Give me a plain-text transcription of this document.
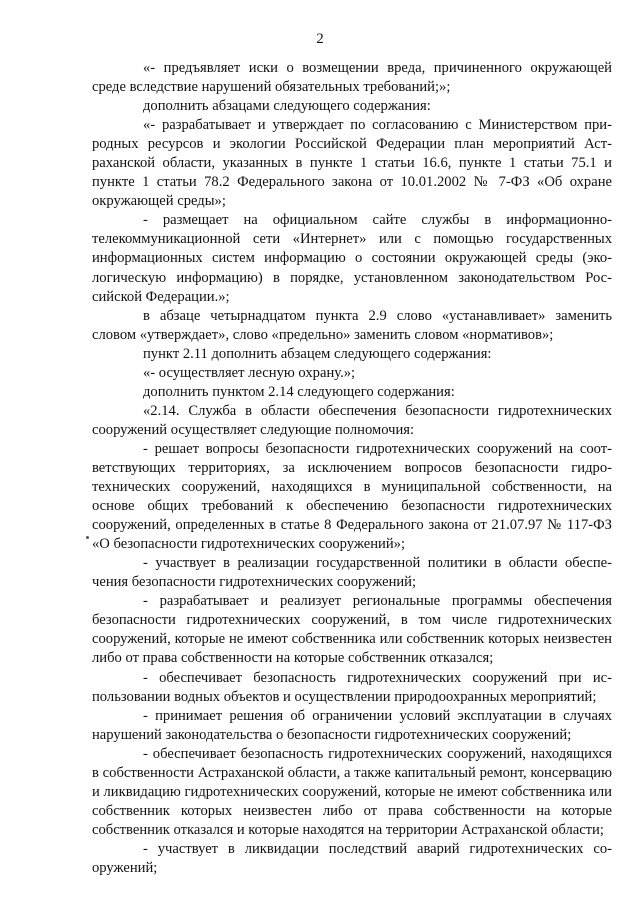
2

«- предъявляет иски о возмещении вреда, причиненного окружающей среде вследствие нарушений обязательных требований;»;

дополнить абзацами следующего содержания:

«- разрабатывает и утверждает по согласованию с Министерством природных ресурсов и экологии Российской Федерации план мероприятий Астраханской области, указанных в пункте 1 статьи 16.6, пункте 1 статьи 75.1 и пункте 1 статьи 78.2 Федерального закона от 10.01.2002 № 7-ФЗ «Об охране окружающей среды»;

- размещает на официальном сайте службы в информационно-телекоммуникационной сети «Интернет» или с помощью государственных информационных систем информацию о состоянии окружающей среды (экологическую информацию) в порядке, установленном законодательством Российской Федерации.»;

в абзаце четырнадцатом пункта 2.9 слово «устанавливает» заменить словом «утверждает», слово «предельно» заменить словом «нормативов»;

пункт 2.11 дополнить абзацем следующего содержания:

«- осуществляет лесную охрану.»;

дополнить пунктом 2.14 следующего содержания:

«2.14. Служба в области обеспечения безопасности гидротехнических сооружений осуществляет следующие полномочия:

- решает вопросы безопасности гидротехнических сооружений на соответствующих территориях, за исключением вопросов безопасности гидротехнических сооружений, находящихся в муниципальной собственности, на основе общих требований к обеспечению безопасности гидротехнических сооружений, определенных в статье 8 Федерального закона от 21.07.97 № 117-ФЗ «О безопасности гидротехнических сооружений»;

- участвует в реализации государственной политики в области обеспечения безопасности гидротехнических сооружений;

- разрабатывает и реализует региональные программы обеспечения безопасности гидротехнических сооружений, в том числе гидротехнических сооружений, которые не имеют собственника или собственник которых неизвестен либо от права собственности на которые собственник отказался;

- обеспечивает безопасность гидротехнических сооружений при использовании водных объектов и осуществлении природоохранных мероприятий;

- принимает решения об ограничении условий эксплуатации в случаях нарушений законодательства о безопасности гидротехнических сооружений;

- обеспечивает безопасность гидротехнических сооружений, находящихся в собственности Астраханской области, а также капитальный ремонт, консервацию и ликвидацию гидротехнических сооружений, которые не имеют собственника или собственник которых неизвестен либо от права собственности на которые собственник отказался и которые находятся на территории Астраханской области;

- участвует в ликвидации последствий аварий гидротехнических сооружений;
